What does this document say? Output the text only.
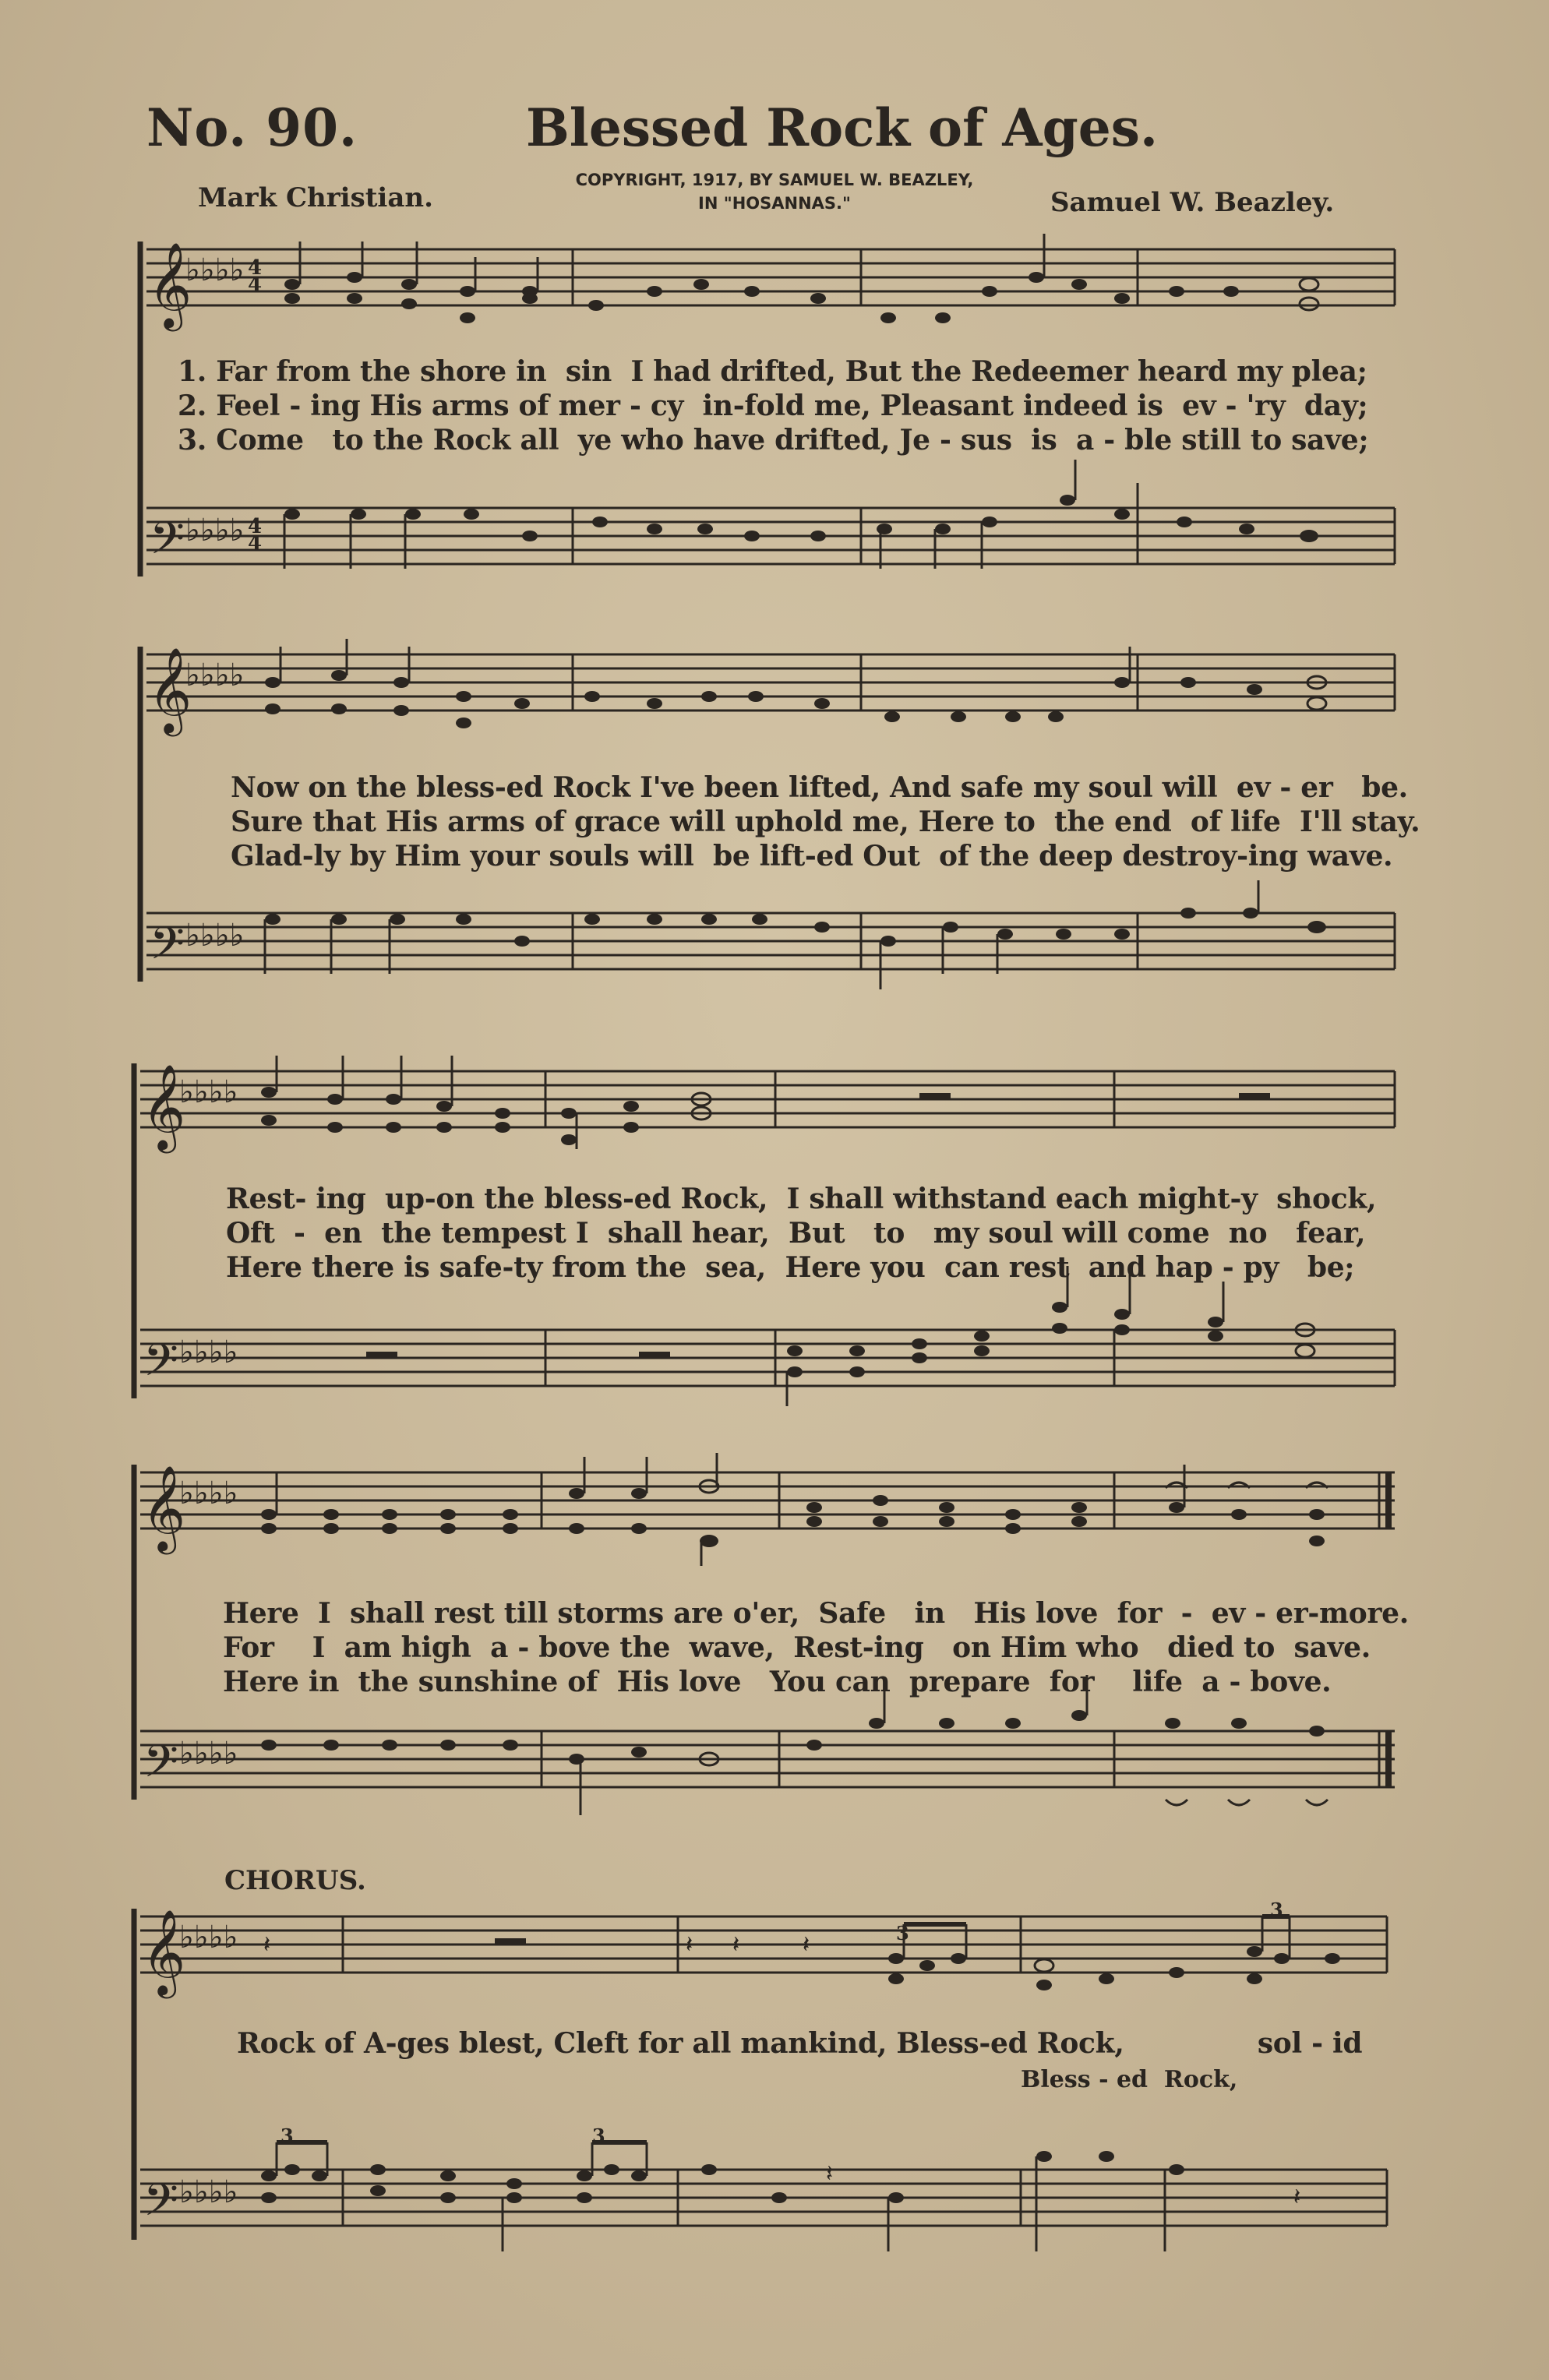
No. 90.	Blessed Rock of Ages.
COPYRIGHT, 1917, BY SAMUEL W. BEAZLEY,
IN "HOSANNAS."
Mark Christian.	Samuel W. Beazley.
𝄞
♭♭♭♭ 4
4
𝄢 ♭♭♭♭ 4
4
1. Far from the shore in  sin  I had drifted, But the Redeemer heard my plea;
2. Feel - ing His arms of mer - cy  in-fold me, Pleasant indeed is  ev - 'ry  day;
3. Come   to the Rock all  ye who have drifted, Je - sus  is  a - ble still to save;
𝄞
♭♭♭♭
𝄢 ♭♭♭♭
Now on the bless-ed Rock I've been lifted, And safe my soul will  ev - er   be.
Sure that His arms of grace will uphold me, Here to  the end  of life  I'll stay.
Glad-ly by Him your souls will  be lift-ed Out  of the deep destroy-ing wave.
𝄞
♭♭♭♭
𝄢 ♭♭♭♭
Rest- ing  up-on the bless-ed Rock,  I shall withstand each might-y  shock,
Oft  -  en  the tempest I  shall hear,  But   to   my soul will come  no   fear,
Here there is safe-ty from the  sea,  Here you  can rest  and hap - py   be;
𝄞
♭♭♭♭
𝄢 ♭♭♭♭
Here  I  shall rest till storms are o'er,  Safe   in   His love  for  -  ev - er-more.
For    I  am high  a - bove the  wave,  Rest-ing   on Him who   died to  save.
Here in  the sunshine of  His love   You can  prepare  for    life  a - bove.
CHORUS.
𝄞
♭♭♭♭
𝄢 ♭♭♭♭
𝄽	𝄽 𝄽	𝄽
𝄽
𝄽
3
3
3	3
Rock of A-ges blest, Cleft for all mankind, Bless-ed Rock,              sol - id
Bless - ed  Rock,
